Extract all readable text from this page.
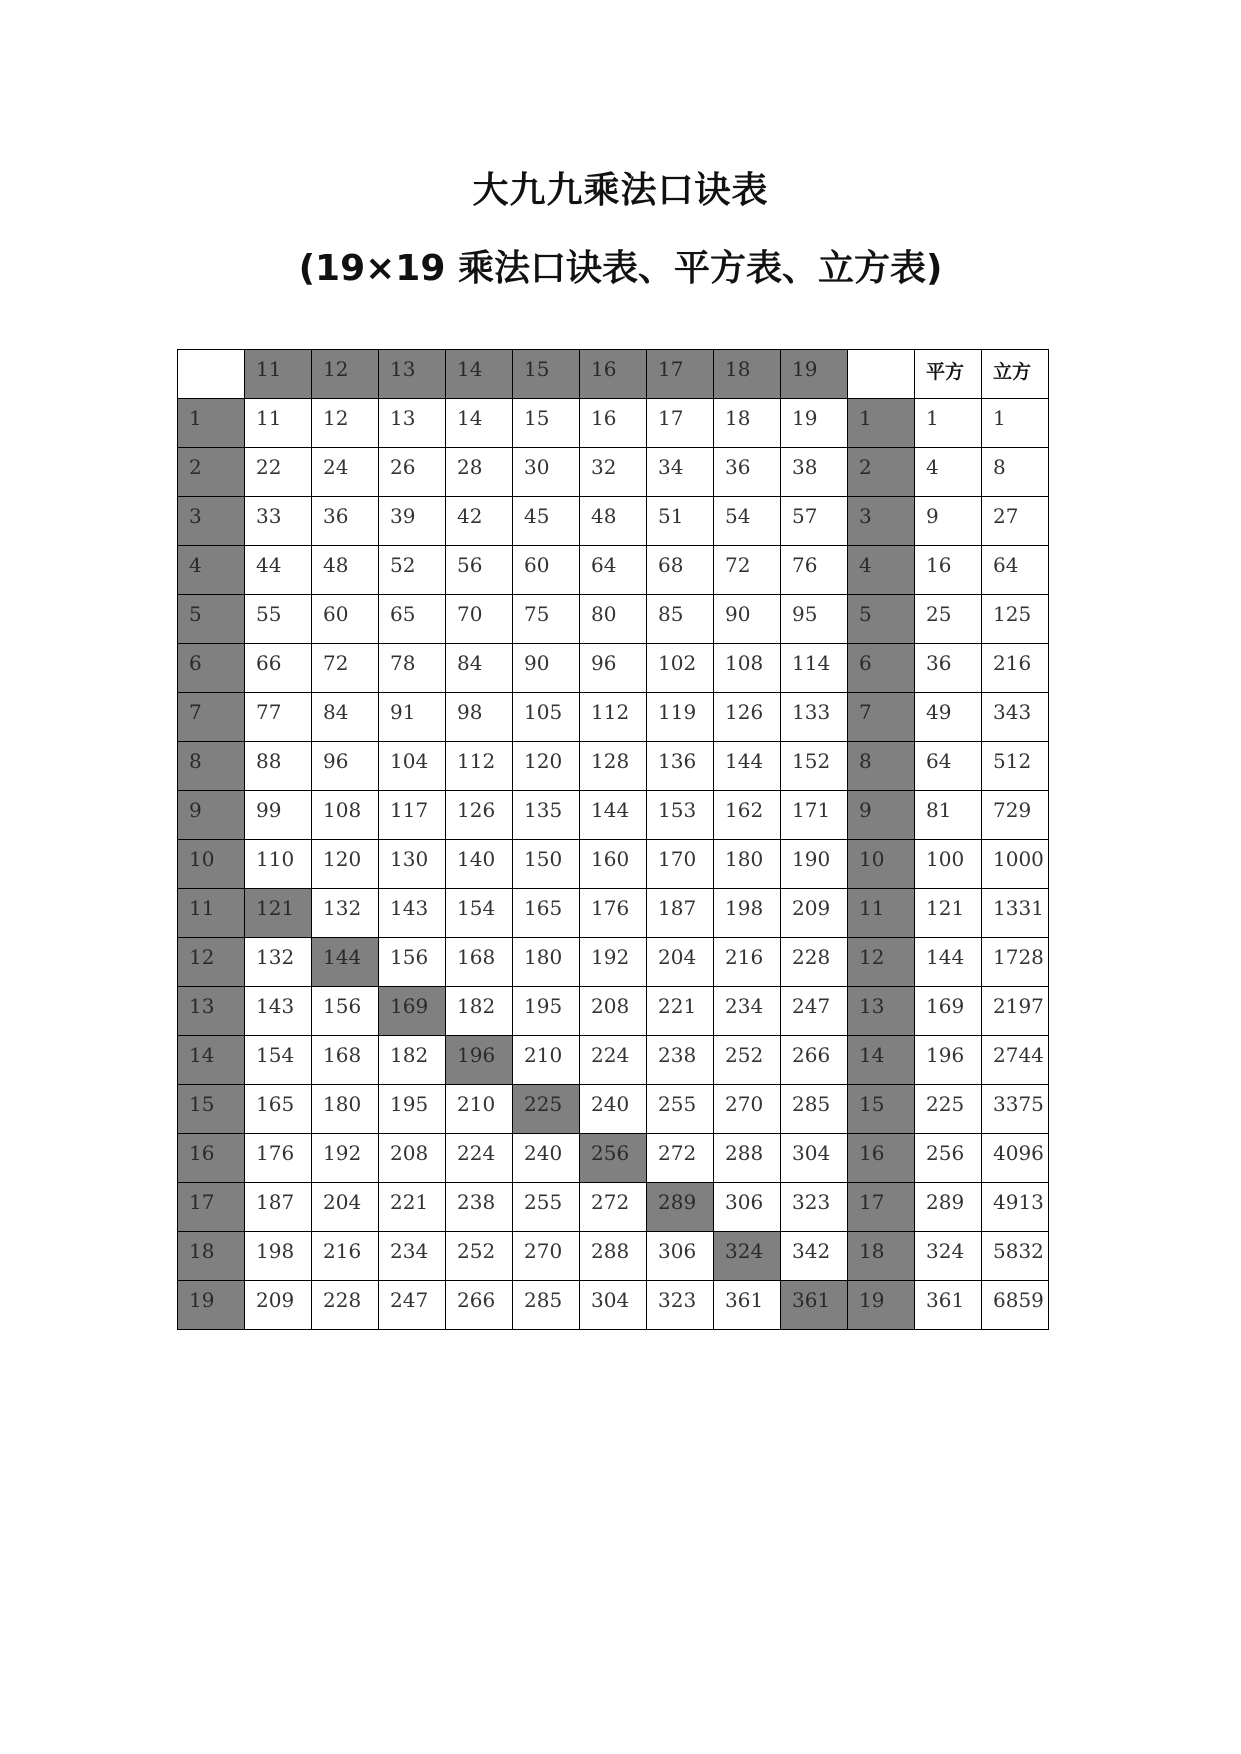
大九九乘法口诀表
(19×19 乘法口诀表、平方表、立方表)

	11	12	13	14	15	16	17	18	19		平方	立方

1	11	12	13	14	15	16	17	18	19	1	1	1

2	22	24	26	28	30	32	34	36	38	2	4	8

3	33	36	39	42	45	48	51	54	57	3	9	27

4	44	48	52	56	60	64	68	72	76	4	16	64

5	55	60	65	70	75	80	85	90	95	5	25	125

6	66	72	78	84	90	96	102	108	114	6	36	216

7	77	84	91	98	105	112	119	126	133	7	49	343

8	88	96	104	112	120	128	136	144	152	8	64	512

9	99	108	117	126	135	144	153	162	171	9	81	729

10	110	120	130	140	150	160	170	180	190	10	100	1000

11	121	132	143	154	165	176	187	198	209	11	121	1331

12	132	144	156	168	180	192	204	216	228	12	144	1728

13	143	156	169	182	195	208	221	234	247	13	169	2197

14	154	168	182	196	210	224	238	252	266	14	196	2744

15	165	180	195	210	225	240	255	270	285	15	225	3375

16	176	192	208	224	240	256	272	288	304	16	256	4096

17	187	204	221	238	255	272	289	306	323	17	289	4913

18	198	216	234	252	270	288	306	324	342	18	324	5832

19	209	228	247	266	285	304	323	361	361	19	361	6859
